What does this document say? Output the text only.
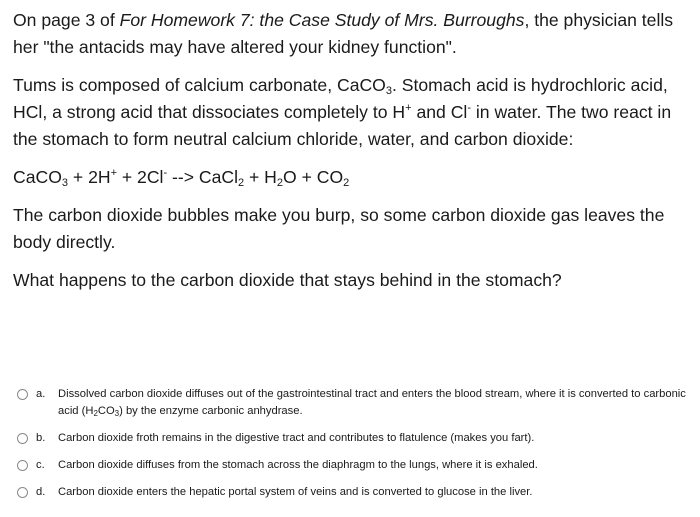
On page 3 of For Homework 7: the Case Study of Mrs. Burroughs, the physician tells her "the antacids may have altered your kidney function".

Tums is composed of calcium carbonate, CaCO$_3$. Stomach acid is hydrochloric acid, HCl, a strong acid that dissociates completely to H+ and Cl- in water. The two react in the stomach to form neutral calcium chloride, water, and carbon dioxide:

CaCO$_3$ + 2H+ + 2Cl- --> CaCl$_2$ + $H_2O + CO_2$

The carbon dioxide bubbles make you burp, so some carbon dioxide gas leaves the body directly.

What happens to the carbon dioxide that stays behind in the stomach?

a.	Dissolved carbon dioxide diffuses out of the gastrointestinal tract and enters the blood stream, where it is converted to carbonic acid $(H_2CO_3)$ by the enzyme carbonic anhydrase.
b.	Carbon dioxide froth remains in the digestive tract and contributes to flatulence (makes you fart).
c.	Carbon dioxide diffuses from the stomach across the diaphragm to the lungs, where it is exhaled.
d.	Carbon dioxide enters the hepatic portal system of veins and is converted to glucose in the liver.
